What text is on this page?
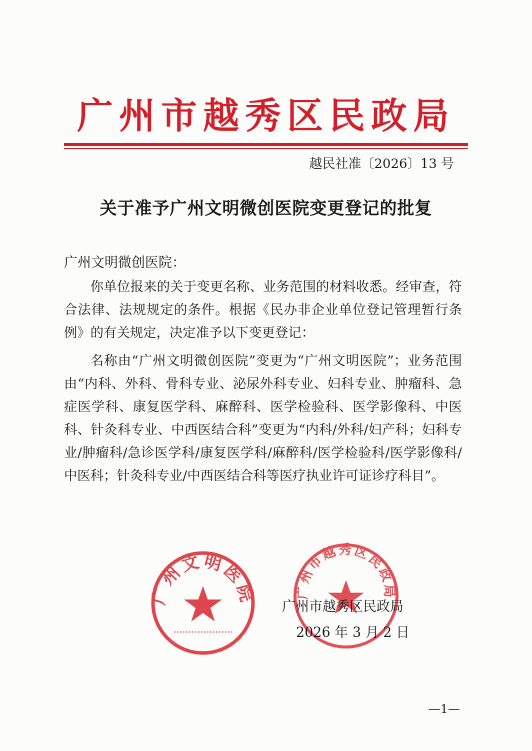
广州市越秀区民政局
越民社准〔2026〕13 号
关于准予广州文明微创医院变更登记的批复
广州文明微创医院：
你单位报来的关于变更名称、业务范围的材料收悉。经审查，符合法律、法规规定的条件。根据《民办非企业单位登记管理暂行条例》的有关规定，决定准予以下变更登记：
名称由“广州文明微创医院”变更为“广州文明医院”；业务范围由“内科、外科、骨科专业、泌尿外科专业、妇科专业、肿瘤科、急症医学科、康复医学科、麻醉科、医学检验科、医学影像科、中医科、针灸科专业、中西医结合科”变更为“内科/外科/妇产科；妇科专业/肿瘤科/急诊医学科/康复医学科/麻醉科/医学检验科/医学影像科/中医科；针灸科专业/中西医结合科等医疗执业许可证诊疗科目”。
广州文明医院	广州市越秀区民政局
广州市越秀区民政局
2026 年 3 月 2 日
—1—
